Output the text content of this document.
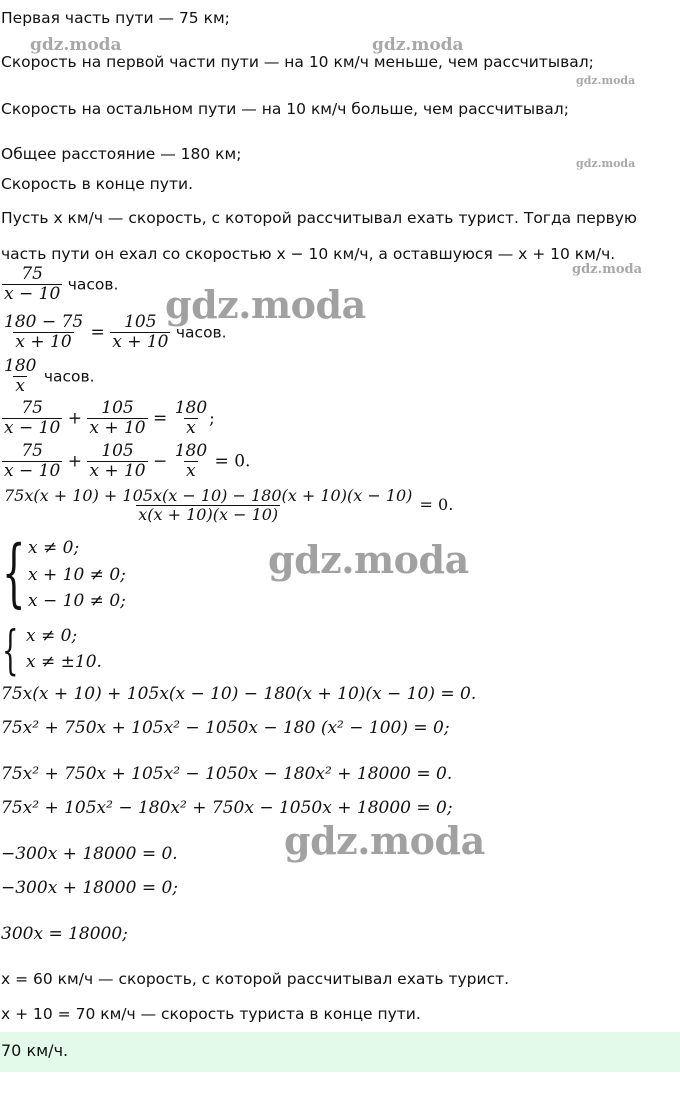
gdz.moda	gdz.moda
gdz.moda
gdz.moda
gdz.moda
gdz.moda
gdz.moda
gdz.moda
Первая часть пути — 75 км;
Скорость на первой части пути — на 10 км/ч меньше, чем рассчитывал;
Скорость на остальном пути — на 10 км/ч больше, чем рассчитывал;
Общее расстояние — 180 км;
Скорость в конце пути.
Пусть x км/ч — скорость, с которой рассчитывал ехать турист. Тогда первую
часть пути он ехал со скоростью x − 10 км/ч, а оставшуюся — x + 10 км/ч.
$\frac{75}{x - 10}$ часов.
$\frac{180 - 75}{x + 10} = \frac{105}{x + 10}$ часов.
$\frac{180}{x}$ часов.
$\frac{75}{x - 10} + \frac{105}{x + 10} = \frac{180}{x}$ ;
$\frac{75}{x - 10} + \frac{105}{x + 10} - \frac{180}{x} = 0$.
$\frac{75x(x + 10) + 105x(x - 10) - 180(x + 10)(x - 10)}{x(x + 10)(x - 10)} = 0$.
{ x ≠ 0;
x + 10 ≠ 0;
x − 10 ≠ 0;
{ x ≠ 0;
x ≠ ±10.
75x(x + 10) + 105x(x − 10) − 180(x + 10)(x − 10) = 0.
75x² + 750x + 105x² − 1050x − 180 (x² − 100) = 0;
75x² + 750x + 105x² − 1050x − 180x² + 18000 = 0.
75x² + 105x² − 180x² + 750x − 1050x + 18000 = 0;
−300x + 18000 = 0.
−300x + 18000 = 0;
300x = 18000;
x = 60 км/ч — скорость, с которой рассчитывал ехать турист.
x + 10 = 70 км/ч — скорость туриста в конце пути.
70 км/ч.
